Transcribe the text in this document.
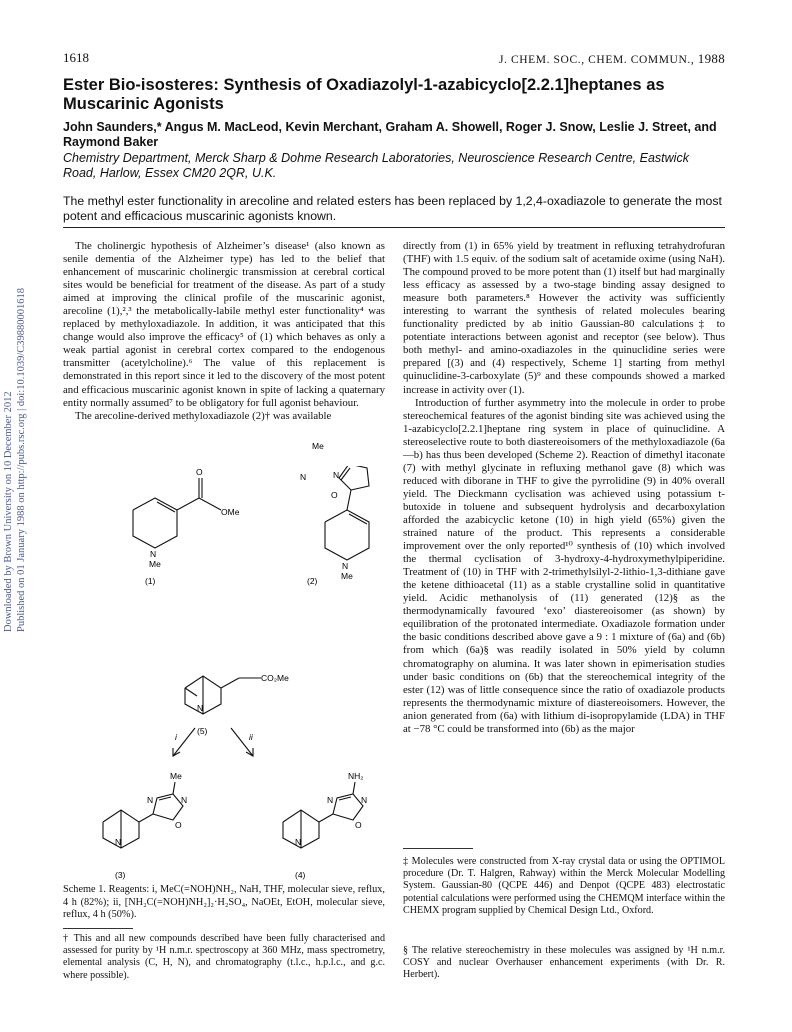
Downloaded by Brown University on 10 December 2012 Published on 01 January 1988 on http://pubs.rsc.org | doi:10.1039/C39880001618
1618	J. CHEM. SOC., CHEM. COMMUN., 1988
Ester Bio-isosteres: Synthesis of Oxadiazolyl-1-azabicyclo[2.2.1]heptanes as Muscarinic Agonists
John Saunders,* Angus M. MacLeod, Kevin Merchant, Graham A. Showell, Roger J. Snow, Leslie J. Street, and Raymond Baker
Chemistry Department, Merck Sharp & Dohme Research Laboratories, Neuroscience Research Centre, Eastwick Road, Harlow, Essex CM20 2QR, U.K.
The methyl ester functionality in arecoline and related esters has been replaced by 1,2,4-oxadiazole to generate the most potent and efficacious muscarinic agonists known.

The cholinergic hypothesis of Alzheimer’s disease¹ (also known as senile dementia of the Alzheimer type) has led to the belief that enhancement of muscarinic cholinergic transmission at cerebral cortical sites would be beneficial for treatment of the disease. As part of a study aimed at improving the clinical profile of the muscarinic agonist, arecoline (1),²,³ the metabolically-labile methyl ester functionality⁴ was replaced by methyloxadiazole. In addition, it was anticipated that this change would also improve the efficacy⁵ of (1) which behaves as only a weak partial agonist in cerebral cortex compared to the endogenous transmitter (acetylcholine).⁶ The value of this replacement is demonstrated in this report since it led to the discovery of the most potent and efficacious muscarinic agonist known in spite of lacking a quaternary entity normally assumed⁷ to be obligatory for full agonist behaviour.

The arecoline-derived methyloxadiazole (2)† was available

O
OMe
N
Me	N
Me
(1)	(2)
Me
N	N
O
CO₂Me
N
(5)
i	ii
Me
N	N
O
N
NH₂
N	N
O
N
(3)	(4)
Scheme 1. Reagents: i, MeC(=NOH)NH₂, NaH, THF, molecular sieve, reflux, 4 h (82%); ii, [NH₂C(=NOH)NH₂]₂·H₂SO₄, NaOEt, EtOH, molecular sieve, reflux, 4 h (50%).
† This and all new compounds described have been fully characterised and assessed for purity by ¹H n.m.r. spectroscopy at 360 MHz, mass spectrometry, elemental analysis (C, H, N), and chromatography (t.l.c., h.p.l.c., and g.c. where possible).

directly from (1) in 65% yield by treatment in refluxing tetrahydrofuran (THF) with 1.5 equiv. of the sodium salt of acetamide oxime (using NaH). The compound proved to be more potent than (1) itself but had marginally less efficacy as assessed by a two-stage binding assay designed to measure both parameters.⁸ However the activity was sufficiently interesting to warrant the synthesis of related molecules bearing functionality predicted by ab initio Gaussian-80 calculations‡ to potentiate interactions between agonist and receptor (see below). Thus both methyl- and amino-oxadiazoles in the quinuclidine series were prepared [(3) and (4) respectively, Scheme 1] starting from methyl quinuclidine-3-carboxylate (5)⁹ and these compounds showed a marked increase in activity over (1).

Introduction of further asymmetry into the molecule in order to probe stereochemical features of the agonist binding site was achieved using the 1-azabicyclo[2.2.1]heptane ring system in place of quinuclidine. A stereoselective route to both diastereoisomers of the methyloxadiazole (6a—b) has thus been developed (Scheme 2). Reaction of dimethyl itaconate (7) with methyl glycinate in refluxing methanol gave (8) which was reduced with diborane in THF to give the pyrrolidine (9) in 40% overall yield. The Dieckmann cyclisation was achieved using potassium t-butoxide in toluene and subsequent hydrolysis and decarboxylation afforded the azabicyclic ketone (10) in high yield (65%) given the strained nature of the product. This represents a considerable improvement over the only reported¹⁰ synthesis of (10) which involved the thermal cyclisation of 3-hydroxy-4-hydroxymethylpiperidine. Treatment of (10) in THF with 2-trimethylsilyl-2-lithio-1,3-dithiane gave the ketene dithioacetal (11) as a stable crystalline solid in quantitative yield. Acidic methanolysis of (11) generated (12)§ as the thermodynamically favoured ‘exo’ diastereoisomer (as shown) by equilibration of the protonated intermediate. Oxadiazole formation under the basic conditions described above gave a 9 : 1 mixture of (6a) and (6b) from which (6a)§ was readily isolated in 50% yield by column chromatography on alumina. It was later shown in epimerisation studies under basic conditions on (6b) that the stereochemical integrity of the ester (12) was of little consequence since the ratio of oxadiazole products represents the thermodynamic mixture of diastereoisomers. However, the anion generated from (6a) with lithium di-isopropylamide (LDA) in THF at −78 °C could be transformed into (6b) as the major

‡ Molecules were constructed from X-ray crystal data or using the OPTIMOL procedure (Dr. T. Halgren, Rahway) within the Merck Molecular Modelling System. Gaussian-80 (QCPE 446) and Denpot (QCPE 483) electrostatic potential calculations were performed using the CHEMQM interface within the CHEMX program supplied by Chemical Design Ltd., Oxford.
§ The relative stereochemistry in these molecules was assigned by ¹H n.m.r. COSY and nuclear Overhauser enhancement experiments (with Dr. R. Herbert).
